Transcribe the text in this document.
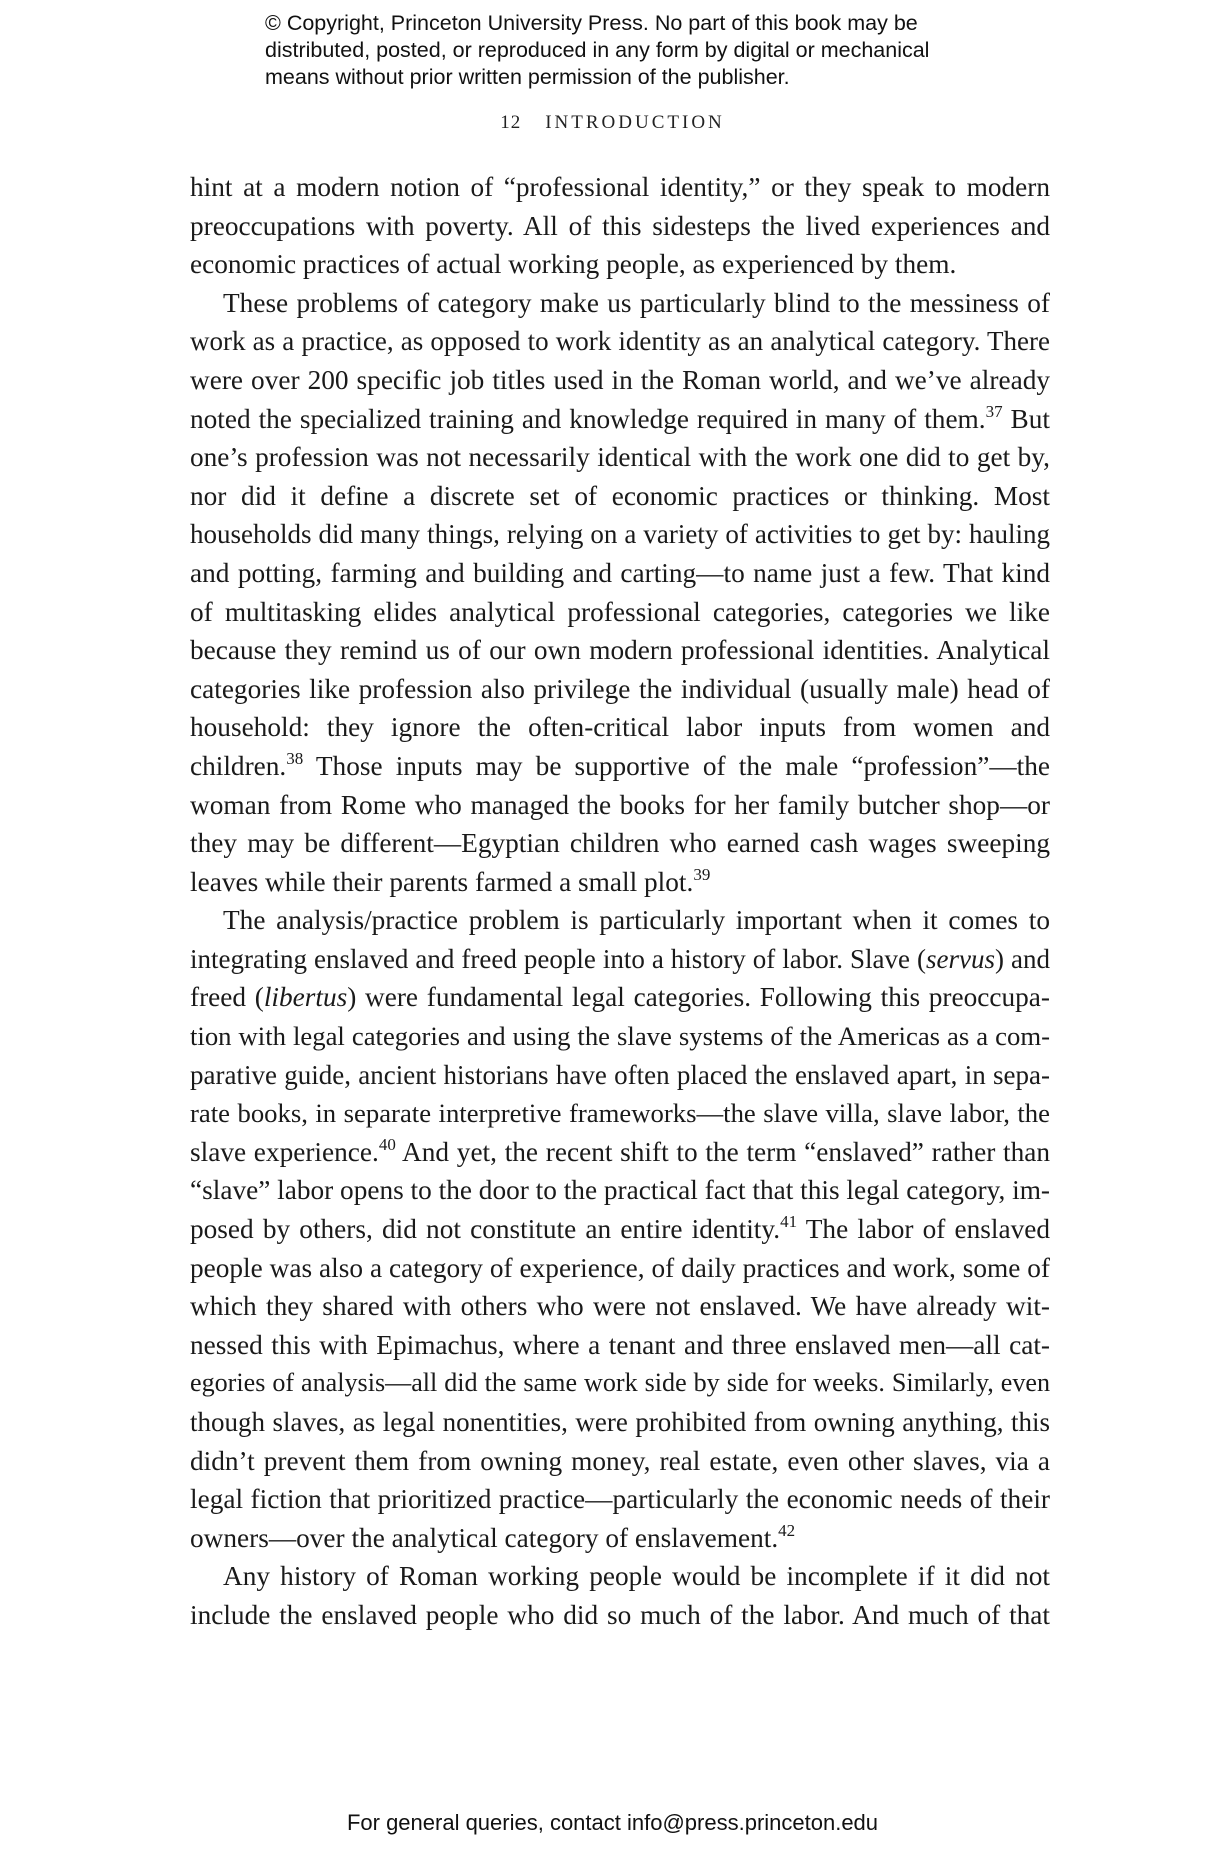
© Copyright, Princeton University Press. No part of this book may be
distributed, posted, or reproduced in any form by digital or mechanical
means without prior written permission of the publisher.
12 INTRODUCTION
hint at a modern notion of “professional identity,” or they speak to modern
preoccupations with poverty. All of this sidesteps the lived experiences and
economic practices of actual working people, as experienced by them.
These problems of category make us particularly blind to the messiness of
work as a practice, as opposed to work identity as an analytical category. There
were over 200 specific job titles used in the Roman world, and we’ve already
noted the specialized training and knowledge required in many of them.$^{37}$ But
one’s profession was not necessarily identical with the work one did to get by,
nor did it define a discrete set of economic practices or thinking. Most
households did many things, relying on a variety of activities to get by: hauling
and potting, farming and building and carting—to name just a few. That kind
of multitasking elides analytical professional categories, categories we like
because they remind us of our own modern professional identities. Analytical
categories like profession also privilege the individual (usually male) head of
household: they ignore the often-critical labor inputs from women and
children.$^{38}$ Those inputs may be supportive of the male “profession”—the
woman from Rome who managed the books for her family butcher shop—or
they may be different—Egyptian children who earned cash wages sweeping
leaves while their parents farmed a small plot.$^{39}$
The analysis/practice problem is particularly important when it comes to
integrating enslaved and freed people into a history of labor. Slave (servus) and
freed (libertus) were fundamental legal categories. Following this preoccupa-
tion with legal categories and using the slave systems of the Americas as a com-
parative guide, ancient historians have often placed the enslaved apart, in sepa-
rate books, in separate interpretive frameworks—the slave villa, slave labor, the
slave experience.$^{40}$ And yet, the recent shift to the term “enslaved” rather than
“slave” labor opens to the door to the practical fact that this legal category, im-
posed by others, did not constitute an entire identity.$^{41}$ The labor of enslaved
people was also a category of experience, of daily practices and work, some of
which they shared with others who were not enslaved. We have already wit-
nessed this with Epimachus, where a tenant and three enslaved men—all cat-
egories of analysis—all did the same work side by side for weeks. Similarly, even
though slaves, as legal nonentities, were prohibited from owning anything, this
didn’t prevent them from owning money, real estate, even other slaves, via a
legal fiction that prioritized practice—particularly the economic needs of their
owners—over the analytical category of enslavement.$^{42}$
Any history of Roman working people would be incomplete if it did not
include the enslaved people who did so much of the labor. And much of that
For general queries, contact info@press.princeton.edu
